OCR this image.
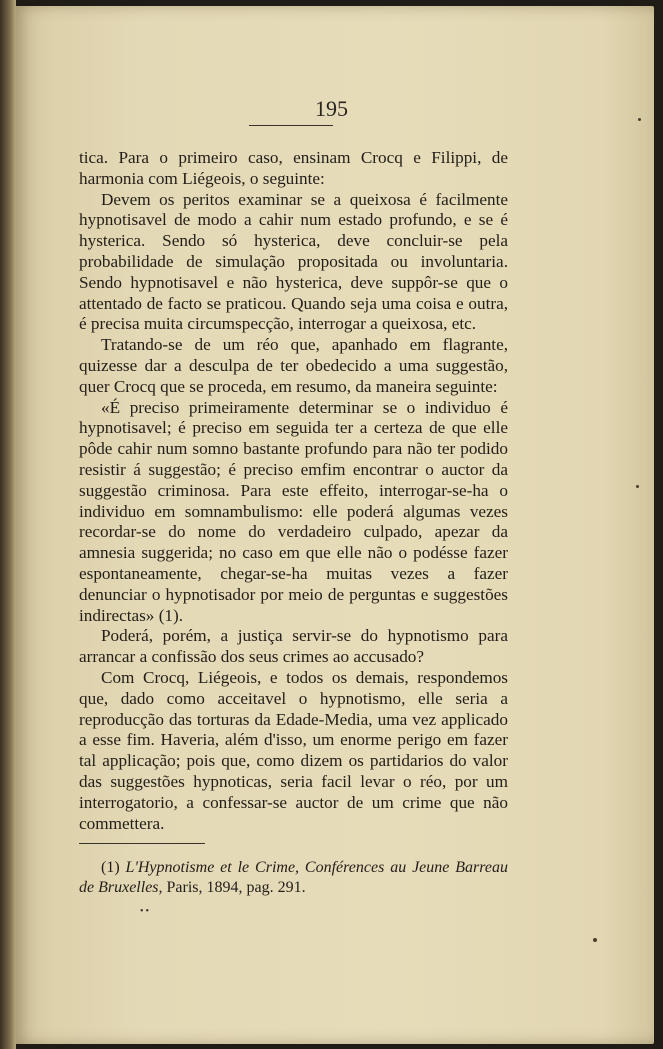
195

tica. Para o primeiro caso, ensinam Crocq e Filippi, de harmonia com Liégeois, o seguinte:

Devem os peritos examinar se a queixosa é facilmente hypnotisavel de modo a cahir num estado profundo, e se é hysterica. Sendo só hysterica, deve concluir-se pela probabilidade de simulação propositada ou involuntaria. Sendo hypnotisavel e não hysterica, deve suppôr-se que o attentado de facto se praticou. Quando seja uma coisa e outra, é precisa muita circumspecção, interrogar a queixosa, etc.

Tratando-se de um réo que, apanhado em flagrante, quizesse dar a desculpa de ter obedecido a uma suggestão, quer Crocq que se proceda, em resumo, da maneira seguinte:

«É preciso primeiramente determinar se o individuo é hypnotisavel; é preciso em seguida ter a certeza de que elle pôde cahir num somno bastante profundo para não ter podido resistir á suggestão; é preciso emfim encontrar o auctor da suggestão criminosa. Para este effeito, interrogar-se-ha o individuo em somnambulismo: elle poderá algumas vezes recordar-se do nome do verdadeiro culpado, apezar da amnesia suggerida; no caso em que elle não o podésse fazer espontaneamente, chegar-se-ha muitas vezes a fazer denunciar o hypnotisador por meio de perguntas e suggestões indirectas» (1).

Poderá, porém, a justiça servir-se do hypnotismo para arrancar a confissão dos seus crimes ao accusado?

Com Crocq, Liégeois, e todos os demais, respondemos que, dado como acceitavel o hypnotismo, elle seria a reproducção das torturas da Edade-Media, uma vez applicado a esse fim. Haveria, além d'isso, um enorme perigo em fazer tal applicação; pois que, como dizem os partidarios do valor das suggestões hypnoticas, seria facil levar o réo, por um interrogatorio, a confessar-se auctor de um crime que não commettera.

(1) L'Hypnotisme et le Crime, Conférences au Jeune Barreau de Bruxelles, Paris, 1894, pag. 291.
••
